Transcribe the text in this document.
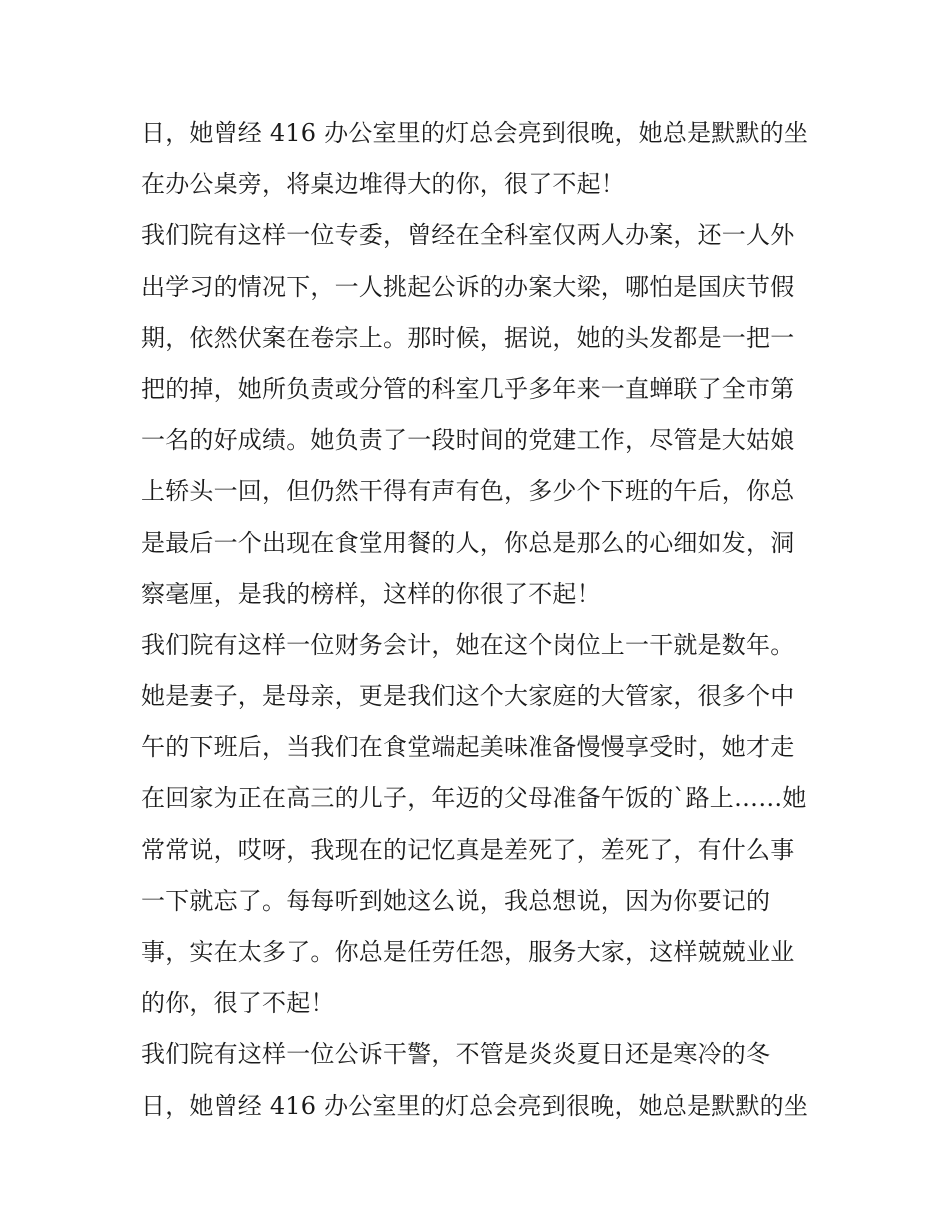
日，她曾经 416 办公室里的灯总会亮到很晚，她总是默默的坐
在办公桌旁，将桌边堆得大的你，很了不起！
我们院有这样一位专委，曾经在全科室仅两人办案，还一人外
出学习的情况下，一人挑起公诉的办案大梁，哪怕是国庆节假
期，依然伏案在卷宗上。那时候，据说，她的头发都是一把一
把的掉，她所负责或分管的科室几乎多年来一直蝉联了全市第
一名的好成绩。她负责了一段时间的党建工作，尽管是大姑娘
上轿头一回，但仍然干得有声有色，多少个下班的午后，你总
是最后一个出现在食堂用餐的人，你总是那么的心细如发，洞
察毫厘，是我的榜样，这样的你很了不起！
我们院有这样一位财务会计，她在这个岗位上一干就是数年。
她是妻子，是母亲，更是我们这个大家庭的大管家，很多个中
午的下班后，当我们在食堂端起美味准备慢慢享受时，她才走
在回家为正在高三的儿子，年迈的父母准备午饭的`路上……她
常常说，哎呀，我现在的记忆真是差死了，差死了，有什么事
一下就忘了。每每听到她这么说，我总想说，因为你要记的
事，实在太多了。你总是任劳任怨，服务大家，这样兢兢业业
的你，很了不起！
我们院有这样一位公诉干警，不管是炎炎夏日还是寒冷的冬
日，她曾经 416 办公室里的灯总会亮到很晚，她总是默默的坐
